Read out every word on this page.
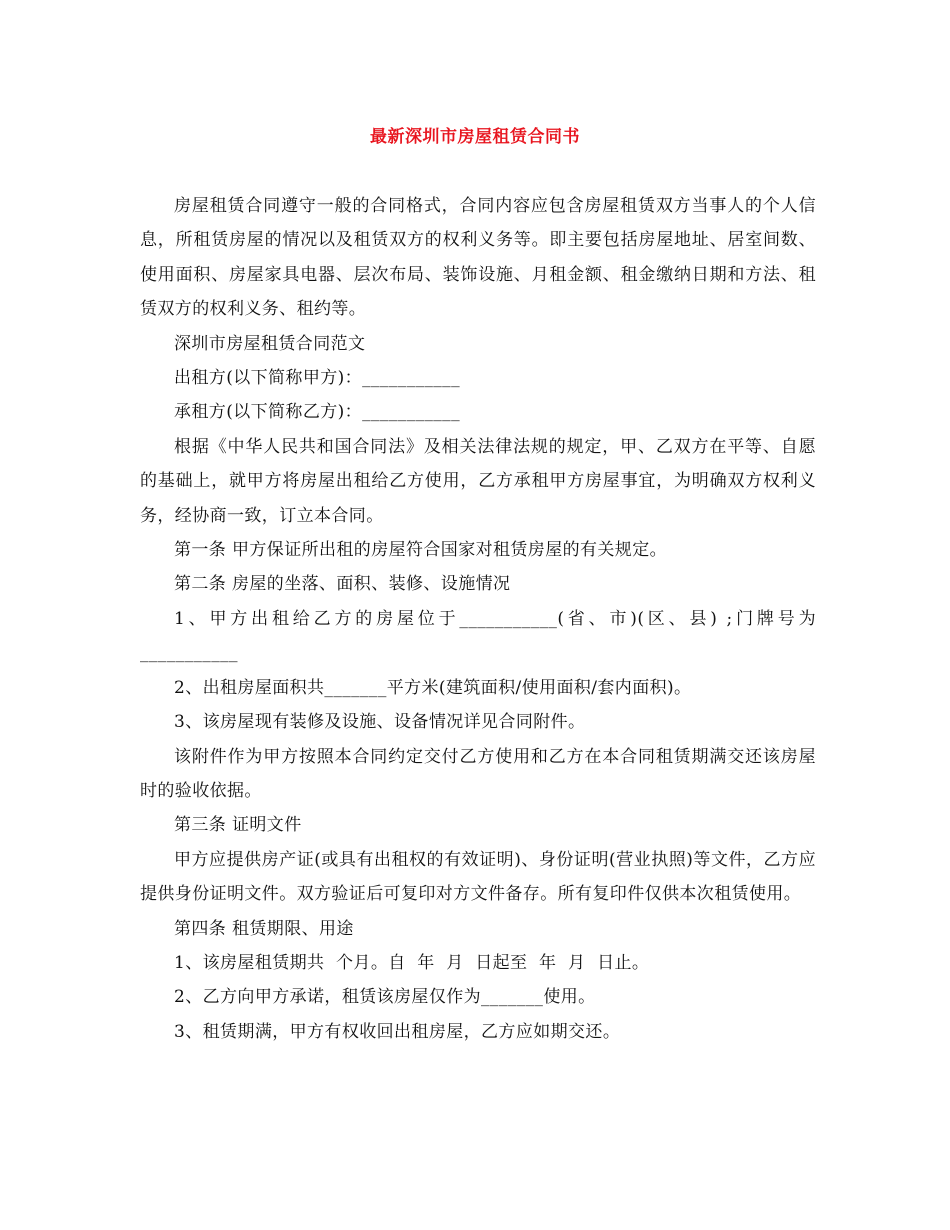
最新深圳市房屋租赁合同书

房屋租赁合同遵守一般的合同格式，合同内容应包含房屋租赁双方当事人的个人信息，所租赁房屋的情况以及租赁双方的权利义务等。即主要包括房屋地址、居室间数、使用面积、房屋家具电器、层次布局、装饰设施、月租金额、租金缴纳日期和方法、租赁双方的权利义务、租约等。

深圳市房屋租赁合同范文

出租方(以下简称甲方)：___________

承租方(以下简称乙方)：___________

根据《中华人民共和国合同法》及相关法律法规的规定，甲、乙双方在平等、自愿的基础上，就甲方将房屋出租给乙方使用，乙方承租甲方房屋事宜，为明确双方权利义务，经协商一致，订立本合同。

第一条 甲方保证所出租的房屋符合国家对租赁房屋的有关规定。

第二条 房屋的坐落、面积、装修、设施情况

1、甲方出租给乙方的房屋位于___________(省、市)(区、县) ;门牌号为___________

2、出租房屋面积共_______平方米(建筑面积/使用面积/套内面积)。

3、该房屋现有装修及设施、设备情况详见合同附件。

该附件作为甲方按照本合同约定交付乙方使用和乙方在本合同租赁期满交还该房屋时的验收依据。

第三条 证明文件

甲方应提供房产证(或具有出租权的有效证明)、身份证明(营业执照)等文件，乙方应提供身份证明文件。双方验证后可复印对方文件备存。所有复印件仅供本次租赁使用。

第四条 租赁期限、用途

1、该房屋租赁期共  个月。自  年  月  日起至  年  月  日止。

2、乙方向甲方承诺，租赁该房屋仅作为_______使用。

3、租赁期满，甲方有权收回出租房屋，乙方应如期交还。
